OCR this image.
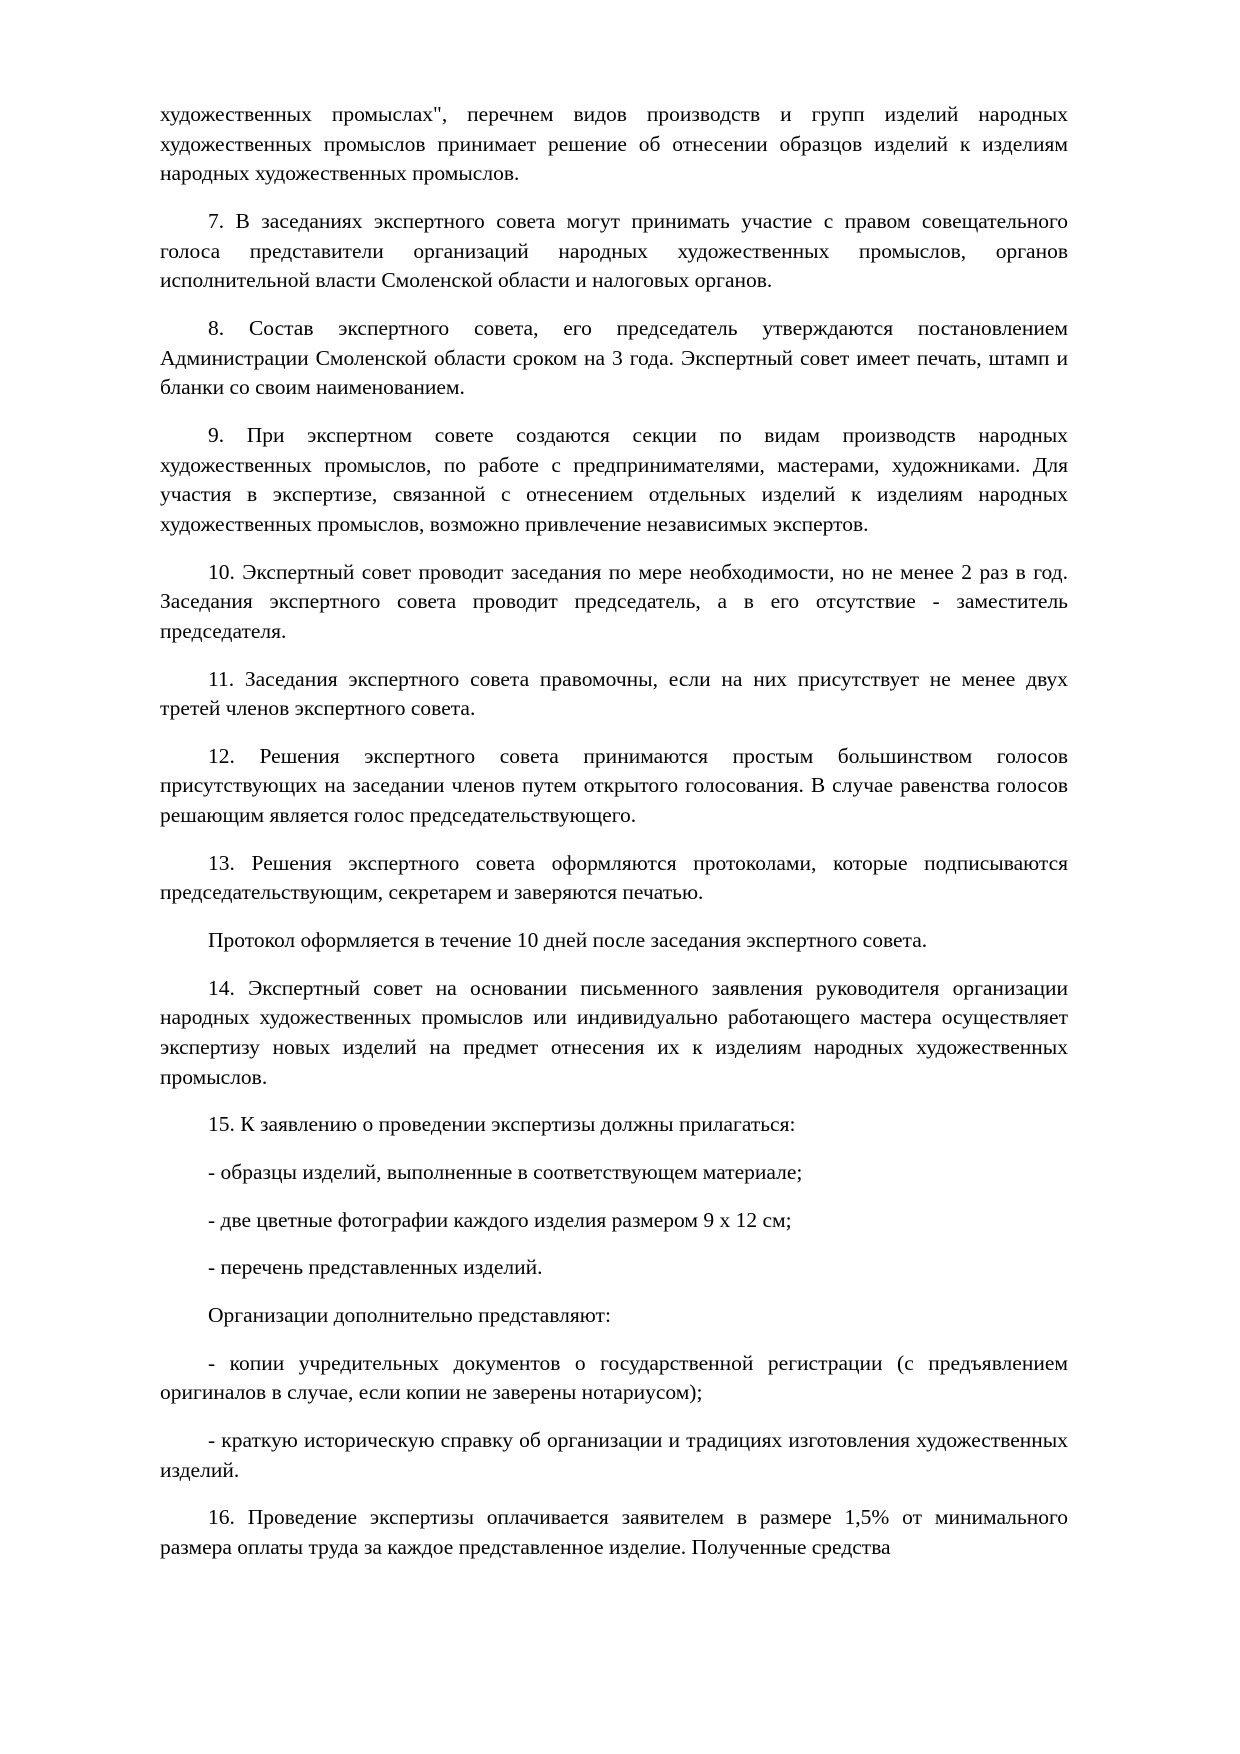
художественных промыслах", перечнем видов производств и групп изделий народных художественных промыслов принимает решение об отнесении образцов изделий к изделиям народных художественных промыслов.

7. В заседаниях экспертного совета могут принимать участие с правом совещательного голоса представители организаций народных художественных промыслов, органов исполнительной власти Смоленской области и налоговых органов.

8. Состав экспертного совета, его председатель утверждаются постановлением Администрации Смоленской области сроком на 3 года. Экспертный совет имеет печать, штамп и бланки со своим наименованием.

9. При экспертном совете создаются секции по видам производств народных художественных промыслов, по работе с предпринимателями, мастерами, художниками. Для участия в экспертизе, связанной с отнесением отдельных изделий к изделиям народных художественных промыслов, возможно привлечение независимых экспертов.

10. Экспертный совет проводит заседания по мере необходимости, но не менее 2 раз в год. Заседания экспертного совета проводит председатель, а в его отсутствие - заместитель председателя.

11. Заседания экспертного совета правомочны, если на них присутствует не менее двух третей членов экспертного совета.

12. Решения экспертного совета принимаются простым большинством голосов присутствующих на заседании членов путем открытого голосования. В случае равенства голосов решающим является голос председательствующего.

13. Решения экспертного совета оформляются протоколами, которые подписываются председательствующим, секретарем и заверяются печатью.

Протокол оформляется в течение 10 дней после заседания экспертного совета.

14. Экспертный совет на основании письменного заявления руководителя организации народных художественных промыслов или индивидуально работающего мастера осуществляет экспертизу новых изделий на предмет отнесения их к изделиям народных художественных промыслов.

15. К заявлению о проведении экспертизы должны прилагаться:

- образцы изделий, выполненные в соответствующем материале;

- две цветные фотографии каждого изделия размером 9 х 12 см;

- перечень представленных изделий.

Организации дополнительно представляют:

- копии учредительных документов о государственной регистрации (с предъявлением оригиналов в случае, если копии не заверены нотариусом);

- краткую историческую справку об организации и традициях изготовления художественных изделий.

16. Проведение экспертизы оплачивается заявителем в размере 1,5% от минимального размера оплаты труда за каждое представленное изделие. Полученные средства
